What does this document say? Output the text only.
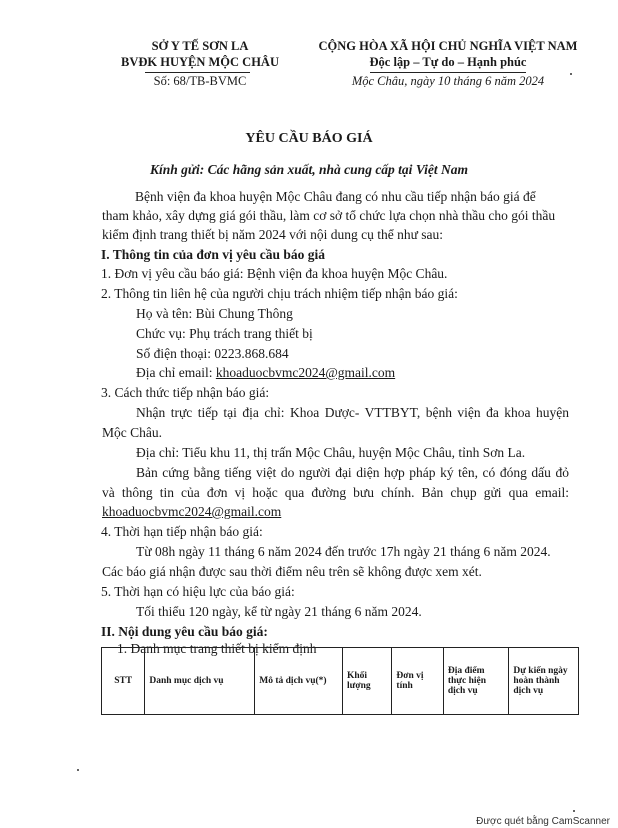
SỞ Y TẾ SƠN LA
BVĐK HUYỆN MỘC CHÂU
Số: 68/TB-BVMC
CỘNG HÒA XÃ HỘI CHỦ NGHĨA VIỆT NAM
Độc lập – Tự do – Hạnh phúc
Mộc Châu, ngày 10 tháng 6 năm 2024
YÊU CẦU BÁO GIÁ
Kính gửi: Các hãng sản xuất, nhà cung cấp tại Việt Nam
Bệnh viện đa khoa huyện Mộc Châu đang có nhu cầu tiếp nhận báo giá để
tham khảo, xây dựng giá gói thầu, làm cơ sở tổ chức lựa chọn nhà thầu cho gói thầu
kiểm định trang thiết bị năm 2024 với nội dung cụ thể như sau:
I. Thông tin của đơn vị yêu cầu báo giá
1. Đơn vị yêu cầu báo giá: Bệnh viện đa khoa huyện Mộc Châu.
2. Thông tin liên hệ của người chịu trách nhiệm tiếp nhận báo giá:
Họ và tên: Bùi Chung Thông
Chức vụ: Phụ trách trang thiết bị
Số điện thoại: 0223.868.684
Địa chỉ email: khoaduocbvmc2024@gmail.com
3. Cách thức tiếp nhận báo giá:
Nhận trực tiếp tại địa chỉ: Khoa Dược- VTTBYT, bệnh viện đa khoa huyện
Mộc Châu.
Địa chỉ: Tiểu khu 11, thị trấn Mộc Châu, huyện Mộc Châu, tỉnh Sơn La.
Bản cứng bằng tiếng việt do người đại diện hợp pháp ký tên, có đóng dấu đỏ
và thông tin của đơn vị hoặc qua đường bưu chính. Bản chụp gửi qua email:
khoaduocbvmc2024@gmail.com
4. Thời hạn tiếp nhận báo giá:
Từ 08h ngày 11 tháng 6 năm 2024 đến trước 17h ngày 21 tháng 6 năm 2024.
Các báo giá nhận được sau thời điểm nêu trên sẽ không được xem xét.
5. Thời hạn có hiệu lực của báo giá:
Tối thiểu 120 ngày, kể từ ngày 21 tháng 6 năm 2024.
II. Nội dung yêu cầu báo giá:
1. Danh mục trang thiết bị kiểm định
STT	Danh mục dịch vụ	Mô tả dịch vụ(*)	Khối lượng	Đơn vị tính	Địa điểm thực hiện dịch vụ	Dự kiến ngày hoàn thành dịch vụ
Được quét bằng CamScanner
